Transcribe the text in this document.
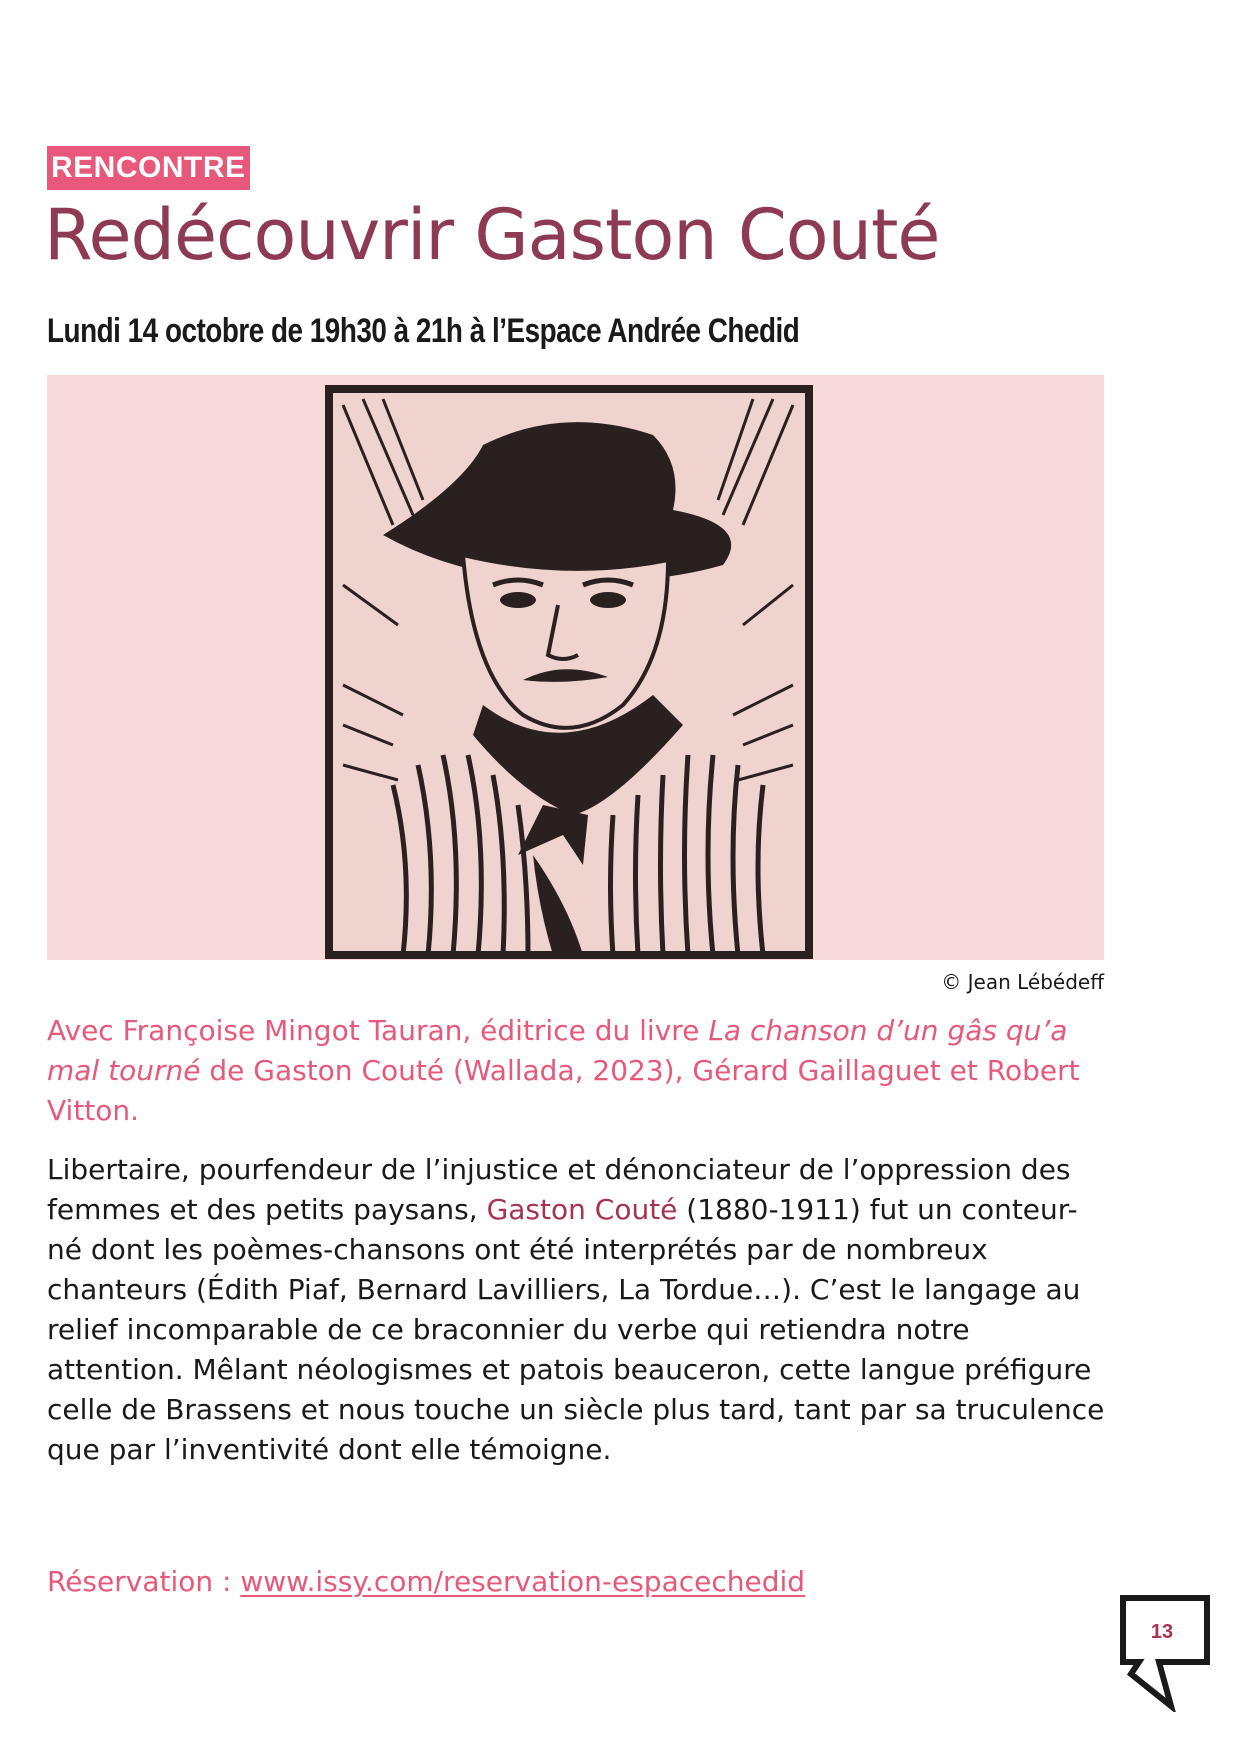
RENCONTRE
Redécouvrir Gaston Couté
Lundi 14 octobre de 19h30 à 21h à l’Espace Andrée Chedid
© Jean Lébédeff

Avec Françoise Mingot Tauran, éditrice du livre La chanson d’un gâs qu’a mal tourné de Gaston Couté (Wallada, 2023), Gérard Gaillaguet et Robert Vitton.

Libertaire, pourfendeur de l’injustice et dénonciateur de l’oppression des femmes et des petits paysans, Gaston Couté (1880-1911) fut un conteur-né dont les poèmes-chansons ont été interprétés par de nombreux chanteurs (Édith Piaf, Bernard Lavilliers, La Tordue…). C’est le langage au relief incomparable de ce braconnier du verbe qui retiendra notre attention. Mêlant néologismes et patois beauceron, cette langue préfigure celle de Brassens et nous touche un siècle plus tard, tant par sa truculence que par l’inventivité dont elle témoigne.

Réservation : www.issy.com/reservation-espacechedid

13
